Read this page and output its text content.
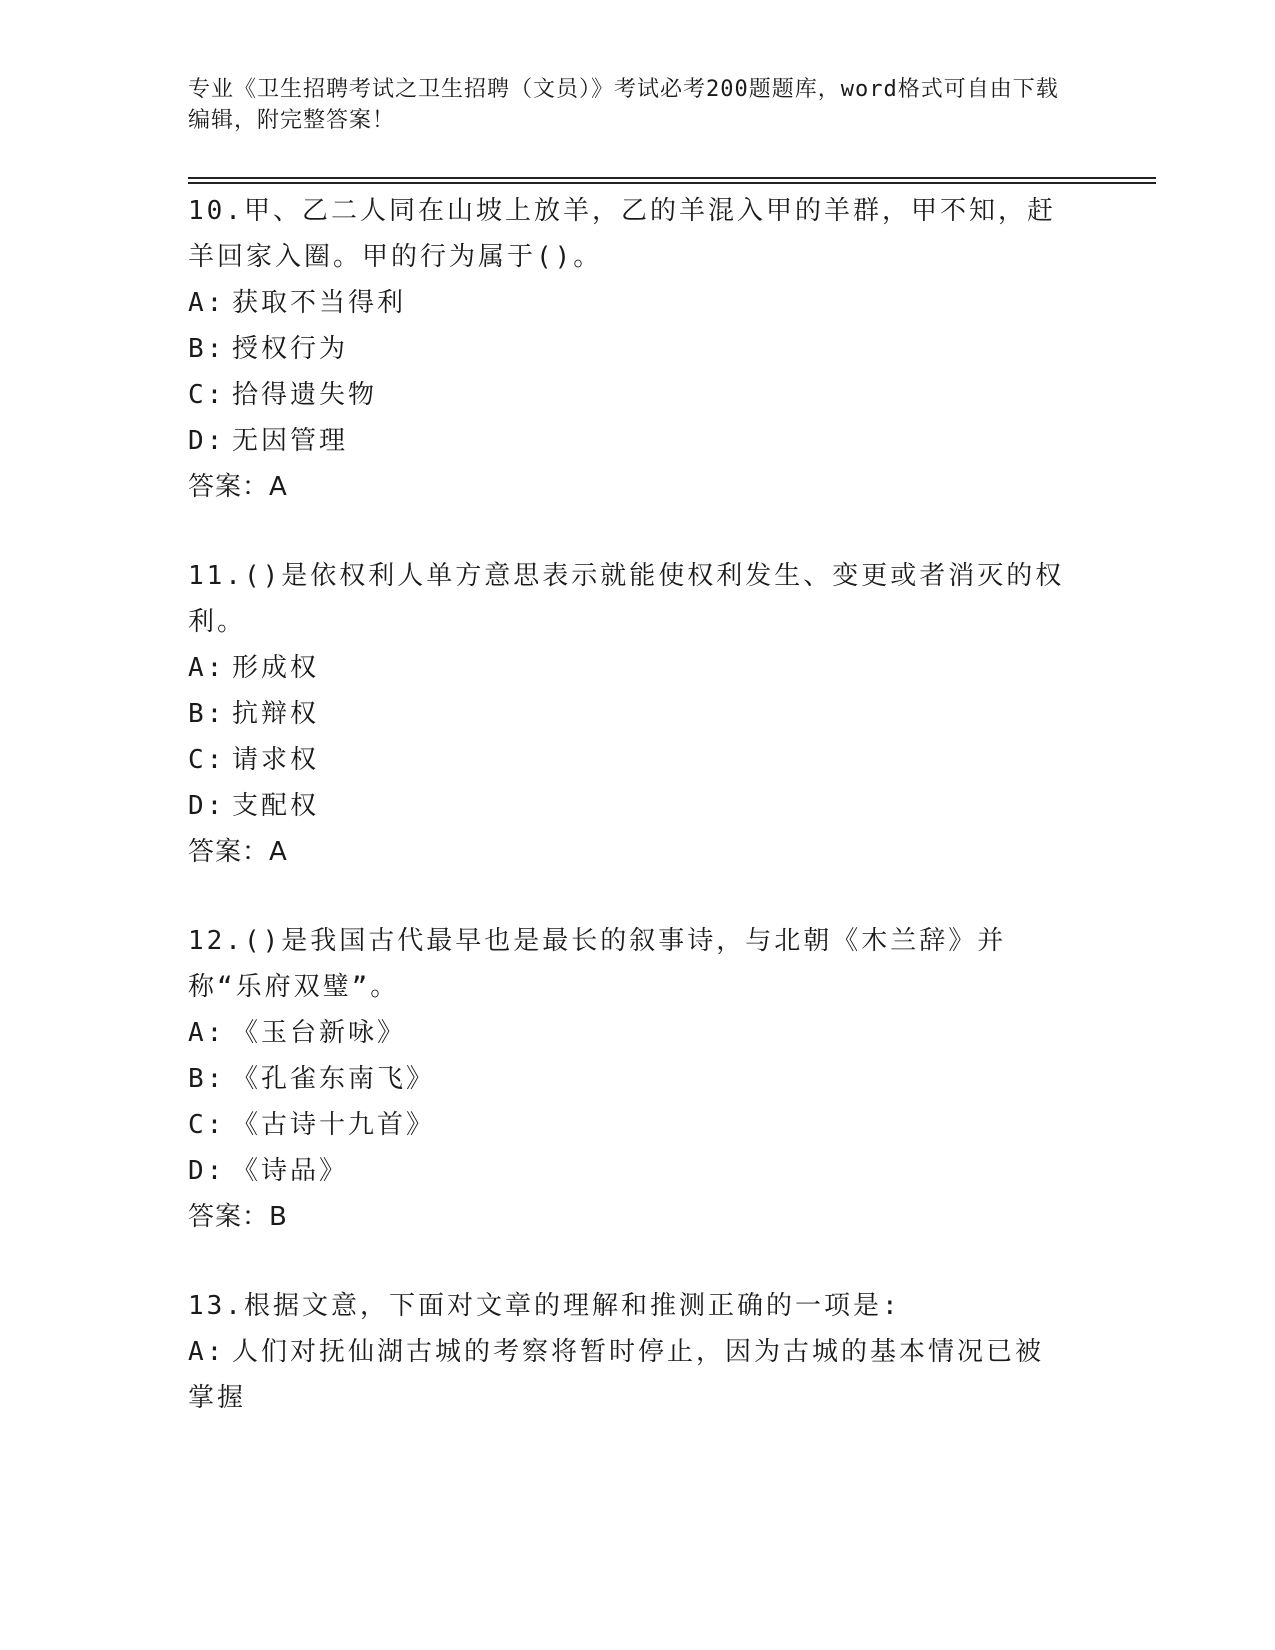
专业《卫生招聘考试之卫生招聘（文员）》考试必考200题题库，word格式可自由下载编辑，附完整答案！

10.甲、乙二人同在山坡上放羊，乙的羊混入甲的羊群，甲不知，赶羊回家入圈。甲的行为属于()。

A: 获取不当得利

B: 授权行为

C: 拾得遗失物

D: 无因管理

答案：A

11.()是依权利人单方意思表示就能使权利发生、变更或者消灭的权利。

A: 形成权

B: 抗辩权

C: 请求权

D: 支配权

答案：A

12.()是我国古代最早也是最长的叙事诗，与北朝《木兰辞》并称“乐府双璧”。

A: 《玉台新咏》

B: 《孔雀东南飞》

C: 《古诗十九首》

D: 《诗品》

答案：B

13.根据文意，下面对文章的理解和推测正确的一项是:

A: 人们对抚仙湖古城的考察将暂时停止，因为古城的基本情况已被掌握
